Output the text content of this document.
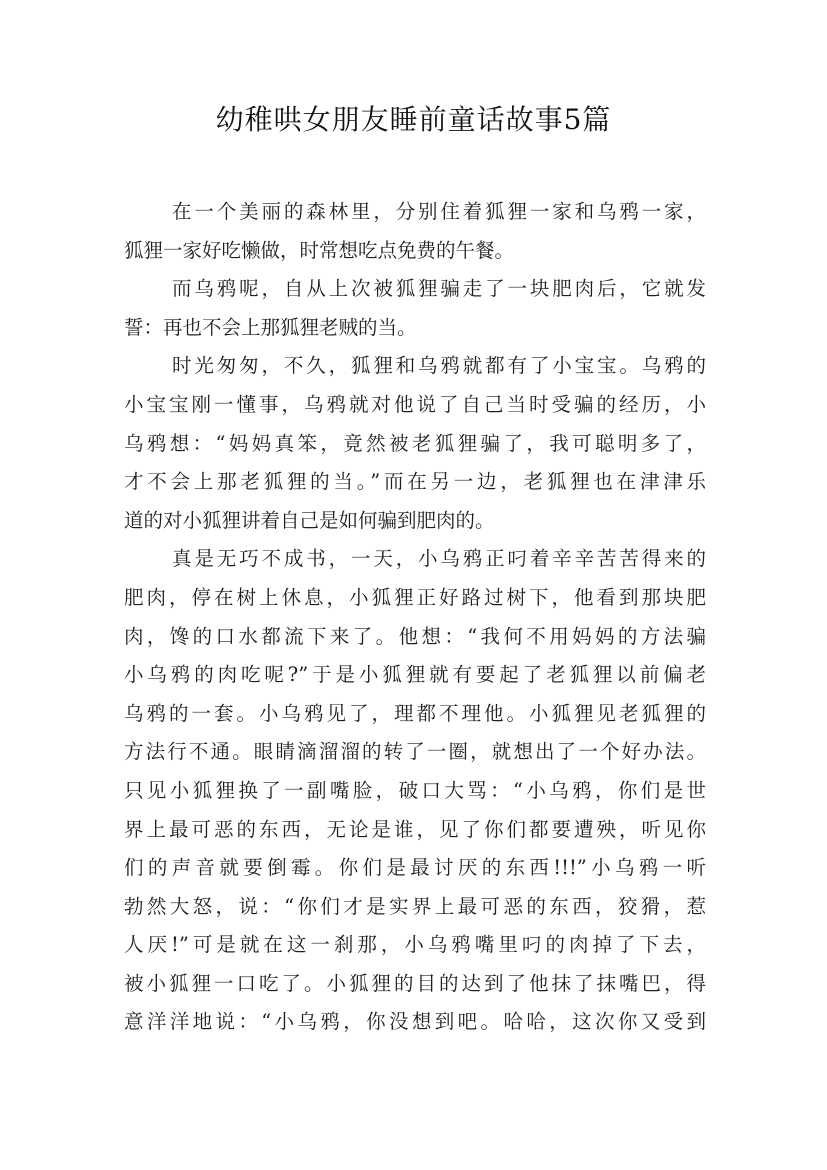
幼稚哄女朋友睡前童话故事5篇
在一个美丽的森林里，分别住着狐狸一家和乌鸦一家，
狐狸一家好吃懒做，时常想吃点免费的午餐。
而乌鸦呢，自从上次被狐狸骗走了一块肥肉后，它就发
誓：再也不会上那狐狸老贼的当。
时光匆匆，不久，狐狸和乌鸦就都有了小宝宝。乌鸦的
小宝宝刚一懂事，乌鸦就对他说了自己当时受骗的经历，小
乌鸦想：“妈妈真笨，竟然被老狐狸骗了，我可聪明多了，
才不会上那老狐狸的当。”而在另一边，老狐狸也在津津乐
道的对小狐狸讲着自己是如何骗到肥肉的。
真是无巧不成书，一天，小乌鸦正叼着辛辛苦苦得来的
肥肉，停在树上休息，小狐狸正好路过树下，他看到那块肥
肉，馋的口水都流下来了。他想：“我何不用妈妈的方法骗
小乌鸦的肉吃呢?”于是小狐狸就有要起了老狐狸以前偏老
乌鸦的一套。小乌鸦见了，理都不理他。小狐狸见老狐狸的
方法行不通。眼睛滴溜溜的转了一圈，就想出了一个好办法。
只见小狐狸换了一副嘴脸，破口大骂：“小乌鸦，你们是世
界上最可恶的东西，无论是谁，见了你们都要遭殃，听见你
们的声音就要倒霉。你们是最讨厌的东西!!!”小乌鸦一听
勃然大怒，说：“你们才是实界上最可恶的东西，狡猾，惹
人厌!”可是就在这一刹那，小乌鸦嘴里叼的肉掉了下去，
被小狐狸一口吃了。小狐狸的目的达到了他抹了抹嘴巴，得
意洋洋地说：“小乌鸦，你没想到吧。哈哈，这次你又受到
